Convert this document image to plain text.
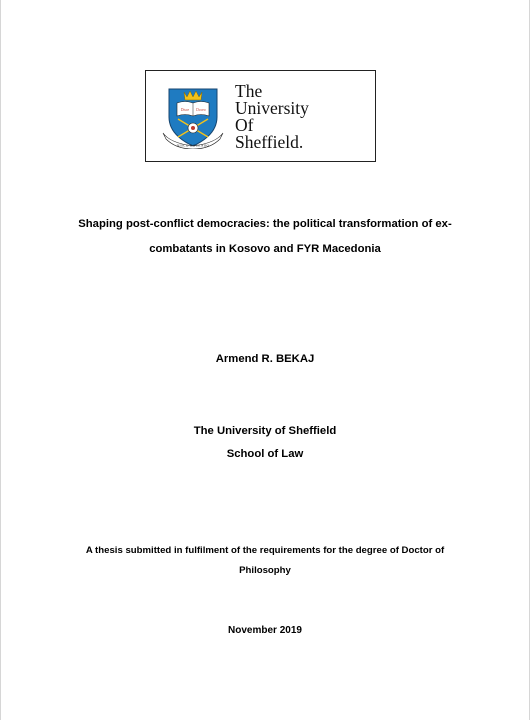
Disce Doceo
DISCO DOCENDO
The
University
Of
Sheffield.
Shaping post-conflict democracies: the political transformation of ex-
combatants in Kosovo and FYR Macedonia
Armend R. BEKAJ
The University of Sheffield
School of Law
A thesis submitted in fulfilment of the requirements for the degree of Doctor of
Philosophy
November 2019
